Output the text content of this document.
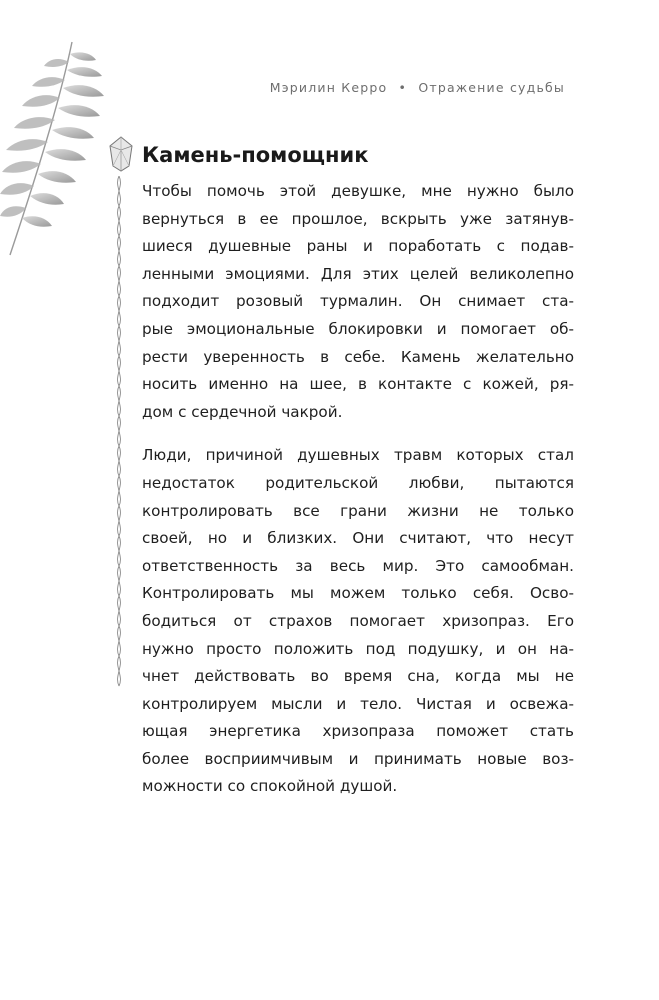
Мэрилин Керро • Отражение судьбы
Камень-помощник

Чтобы помочь этой девушке, мне нужно было
вернуться в ее прошлое, вскрыть уже затянув-
шиеся душевные раны и поработать с подав-
ленными эмоциями. Для этих целей великолепно
подходит розовый турмалин. Он снимает ста-
рые эмоциональные блокировки и помогает об-
рести уверенность в себе. Камень желательно
носить именно на шее, в контакте с кожей, ря-
дом с сердечной чакрой.

Люди, причиной душевных травм которых стал
недостаток родительской любви, пытаются
контролировать все грани жизни не только
своей, но и близких. Они считают, что несут
ответственность за весь мир. Это самообман.
Контролировать мы можем только себя. Осво-
бодиться от страхов помогает хризопраз. Его
нужно просто положить под подушку, и он на-
чнет действовать во время сна, когда мы не
контролируем мысли и тело. Чистая и освежа-
ющая энергетика хризопраза поможет стать
более восприимчивым и принимать новые воз-
можности со спокойной душой.
